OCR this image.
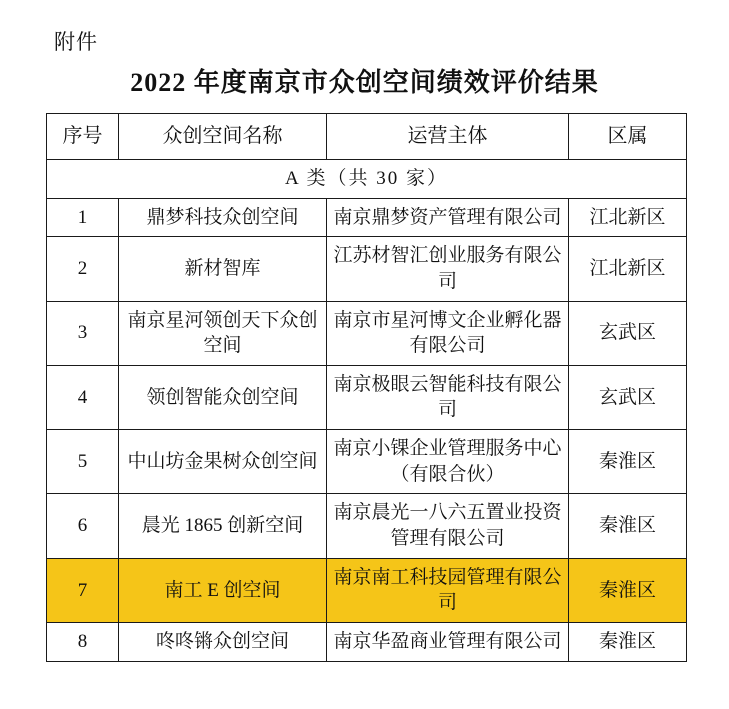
附件
2022 年度南京市众创空间绩效评价结果
序号	众创空间名称	运营主体	区属
A 类（共 30 家）			
1	鼎梦科技众创空间	南京鼎梦资产管理有限公司	江北新区
2	新材智库	江苏材智汇创业服务有限公司	江北新区
3	南京星河领创天下众创空间	南京市星河博文企业孵化器有限公司	玄武区
4	领创智能众创空间	南京极眼云智能科技有限公司	玄武区
5	中山坊金果树众创空间	南京小锞企业管理服务中心（有限合伙）	秦淮区
6	晨光 1865 创新空间	南京晨光一八六五置业投资管理有限公司	秦淮区
7	南工 E 创空间	南京南工科技园管理有限公司	秦淮区
8	咚咚锵众创空间	南京华盈商业管理有限公司	秦淮区
